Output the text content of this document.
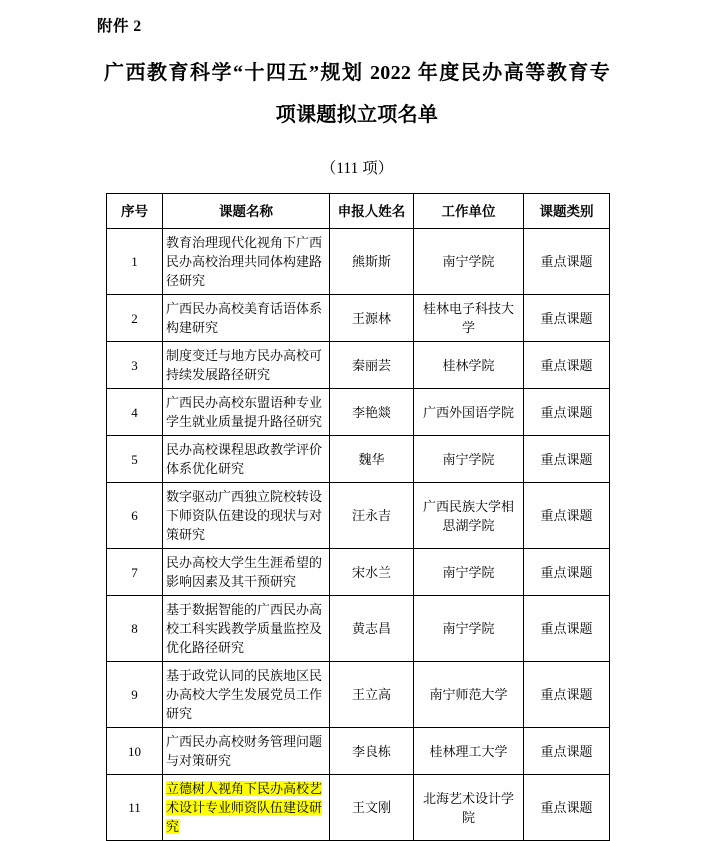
附件 2
广西教育科学“十四五”规划 2022 年度民办高等教育专
项课题拟立项名单
（111 项）
序号	课题名称	申报人姓名	工作单位	课题类别
1	教育治理现代化视角下广西民办高校治理共同体构建路径研究	熊斯斯	南宁学院	重点课题
2	广西民办高校美育话语体系构建研究	王源林	桂林电子科技大学	重点课题
3	制度变迁与地方民办高校可持续发展路径研究	秦丽芸	桂林学院	重点课题
4	广西民办高校东盟语种专业学生就业质量提升路径研究	李艳燚	广西外国语学院	重点课题
5	民办高校课程思政教学评价体系优化研究	魏华	南宁学院	重点课题
6	数字驱动广西独立院校转设下师资队伍建设的现状与对策研究	汪永吉	广西民族大学相思湖学院	重点课题
7	民办高校大学生生涯希望的影响因素及其干预研究	宋水兰	南宁学院	重点课题
8	基于数据智能的广西民办高校工科实践教学质量监控及优化路径研究	黄志昌	南宁学院	重点课题
9	基于政党认同的民族地区民办高校大学生发展党员工作研究	王立高	南宁师范大学	重点课题
10	广西民办高校财务管理问题与对策研究	李良栋	桂林理工大学	重点课题
11	立德树人视角下民办高校艺术设计专业师资队伍建设研究	王文刚	北海艺术设计学院	重点课题
